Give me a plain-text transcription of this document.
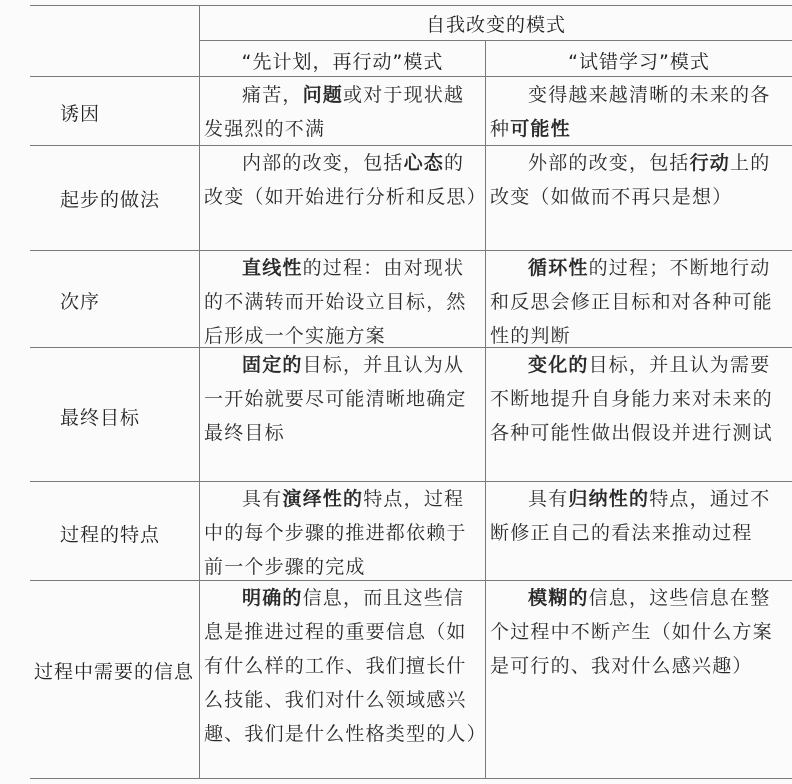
自我改变的模式
“先计划，再行动”模式	“试错学习”模式
诱因
起步的做法
次序
最终目标
过程的特点
过程中需要的信息
痛苦，问题或对于现状越发强烈的不满
变得越来越清晰的未来的各种可能性
内部的改变，包括心态的改变（如开始进行分析和反思）
外部的改变，包括行动上的改变（如做而不再只是想）
直线性的过程：由对现状的不满转而开始设立目标，然后形成一个实施方案
循环性的过程；不断地行动和反思会修正目标和对各种可能性的判断
固定的目标，并且认为从一开始就要尽可能清晰地确定最终目标
变化的目标，并且认为需要不断地提升自身能力来对未来的各种可能性做出假设并进行测试
具有演绎性的特点，过程中的每个步骤的推进都依赖于前一个步骤的完成
具有归纳性的特点，通过不断修正自己的看法来推动过程
明确的信息，而且这些信息是推进过程的重要信息（如有什么样的工作、我们擅长什么技能、我们对什么领域感兴趣、我们是什么性格类型的人）
模糊的信息，这些信息在整个过程中不断产生（如什么方案是可行的、我对什么感兴趣）
